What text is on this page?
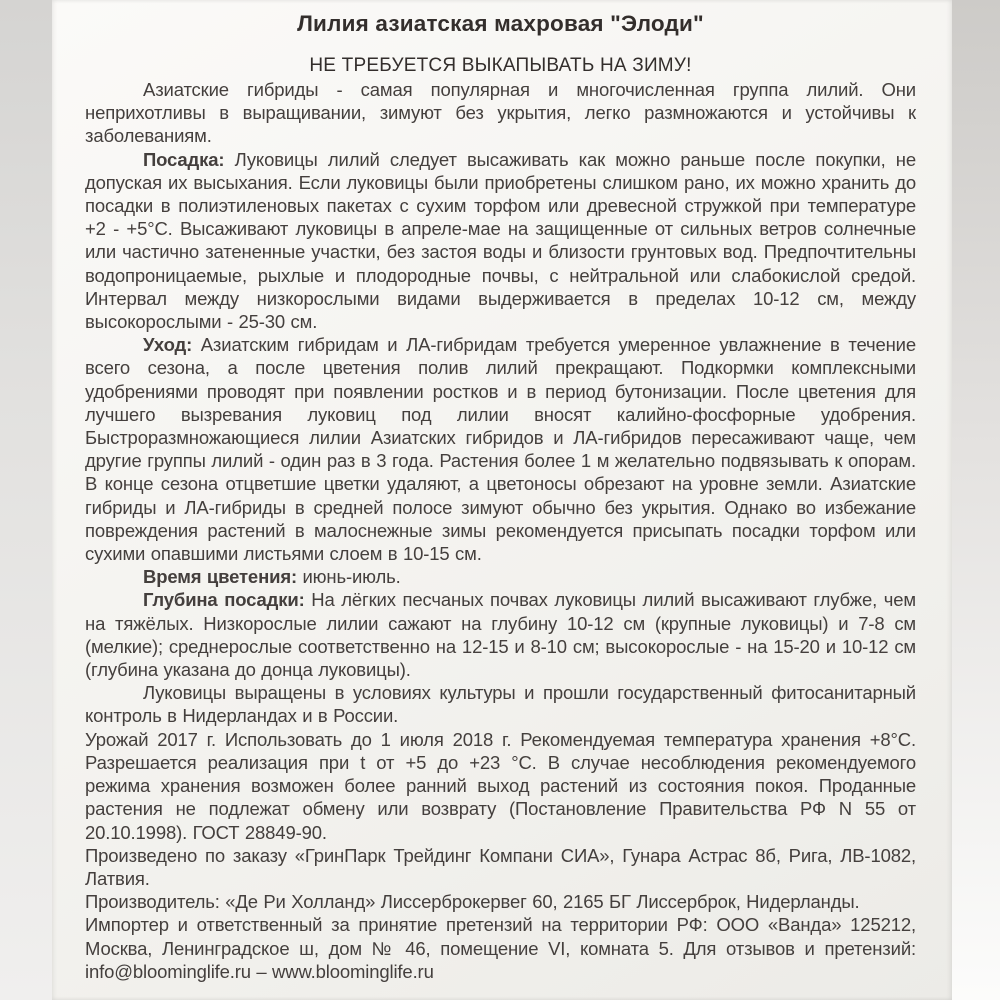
Лилия азиатская махровая "Элоди"

НЕ ТРЕБУЕТСЯ ВЫКАПЫВАТЬ НА ЗИМУ!

Азиатские гибриды - самая популярная и многочисленная группа лилий. Они неприхотливы в выращивании, зимуют без укрытия, легко размножаются и устойчивы к заболеваниям.

Посадка: Луковицы лилий следует высаживать как можно раньше после покупки, не допуская их высыхания. Если луковицы были приобретены слишком рано, их можно хранить до посадки в полиэтиленовых пакетах с сухим торфом или древесной стружкой при температуре +2 - +5°С. Высаживают луковицы в апреле-мае на защищенные от сильных ветров солнечные или частично затененные участки, без застоя воды и близости грунтовых вод. Предпочтительны водопроницаемые, рыхлые и плодородные почвы, с нейтральной или слабокислой средой. Интервал между низкорослыми видами выдерживается в пределах 10-12 см, между высокорослыми - 25-30 см.

Уход: Азиатским гибридам и ЛА-гибридам требуется умеренное увлажнение в течение всего сезона, а после цветения полив лилий прекращают. Подкормки комплексными удобрениями проводят при появлении ростков и в период бутонизации. После цветения для лучшего вызревания луковиц под лилии вносят калийно-фосфорные удобрения. Быстроразмножающиеся лилии Азиатских гибридов и ЛА-гибридов пересаживают чаще, чем другие группы лилий - один раз в 3 года. Растения более 1 м желательно подвязывать к опорам. В конце сезона отцветшие цветки удаляют, а цветоносы обрезают на уровне земли. Азиатские гибриды и ЛА-гибриды в средней полосе зимуют обычно без укрытия. Однако во избежание повреждения растений в малоснежные зимы рекомендуется присыпать посадки торфом или сухими опавшими листьями слоем в 10-15 см.

Время цветения: июнь-июль.

Глубина посадки: На лёгких песчаных почвах луковицы лилий высаживают глубже, чем на тяжёлых. Низкорослые лилии сажают на глубину 10-12 см (крупные луковицы) и 7-8 см (мелкие); среднерослые соответственно на 12-15 и 8-10 см; высокорослые - на 15-20 и 10-12 см (глубина указана до донца луковицы).

Луковицы выращены в условиях культуры и прошли государственный фитосанитарный контроль в Нидерландах и в России.

Урожай 2017 г. Использовать до 1 июля 2018 г. Рекомендуемая температура хранения +8°С. Разрешается реализация при t от +5 до +23 °С. В случае несоблюдения рекомендуемого режима хранения возможен более ранний выход растений из состояния покоя. Проданные растения не подлежат обмену или возврату (Постановление Правительства РФ N 55 от 20.10.1998). ГОСТ 28849-90.

Произведено по заказу «ГринПарк Трейдинг Компани СИА», Гунара Астрас 8б, Рига, ЛВ-1082, Латвия.

Производитель: «Де Ри Холланд» Лиссерброкервег 60, 2165 БГ Лиссерброк, Нидерланды.

Импортер и ответственный за принятие претензий на территории РФ: ООО «Ванда» 125212, Москва, Ленинградское ш, дом № 46, помещение VI, комната 5. Для отзывов и претензий: info@bloominglife.ru – www.bloominglife.ru
